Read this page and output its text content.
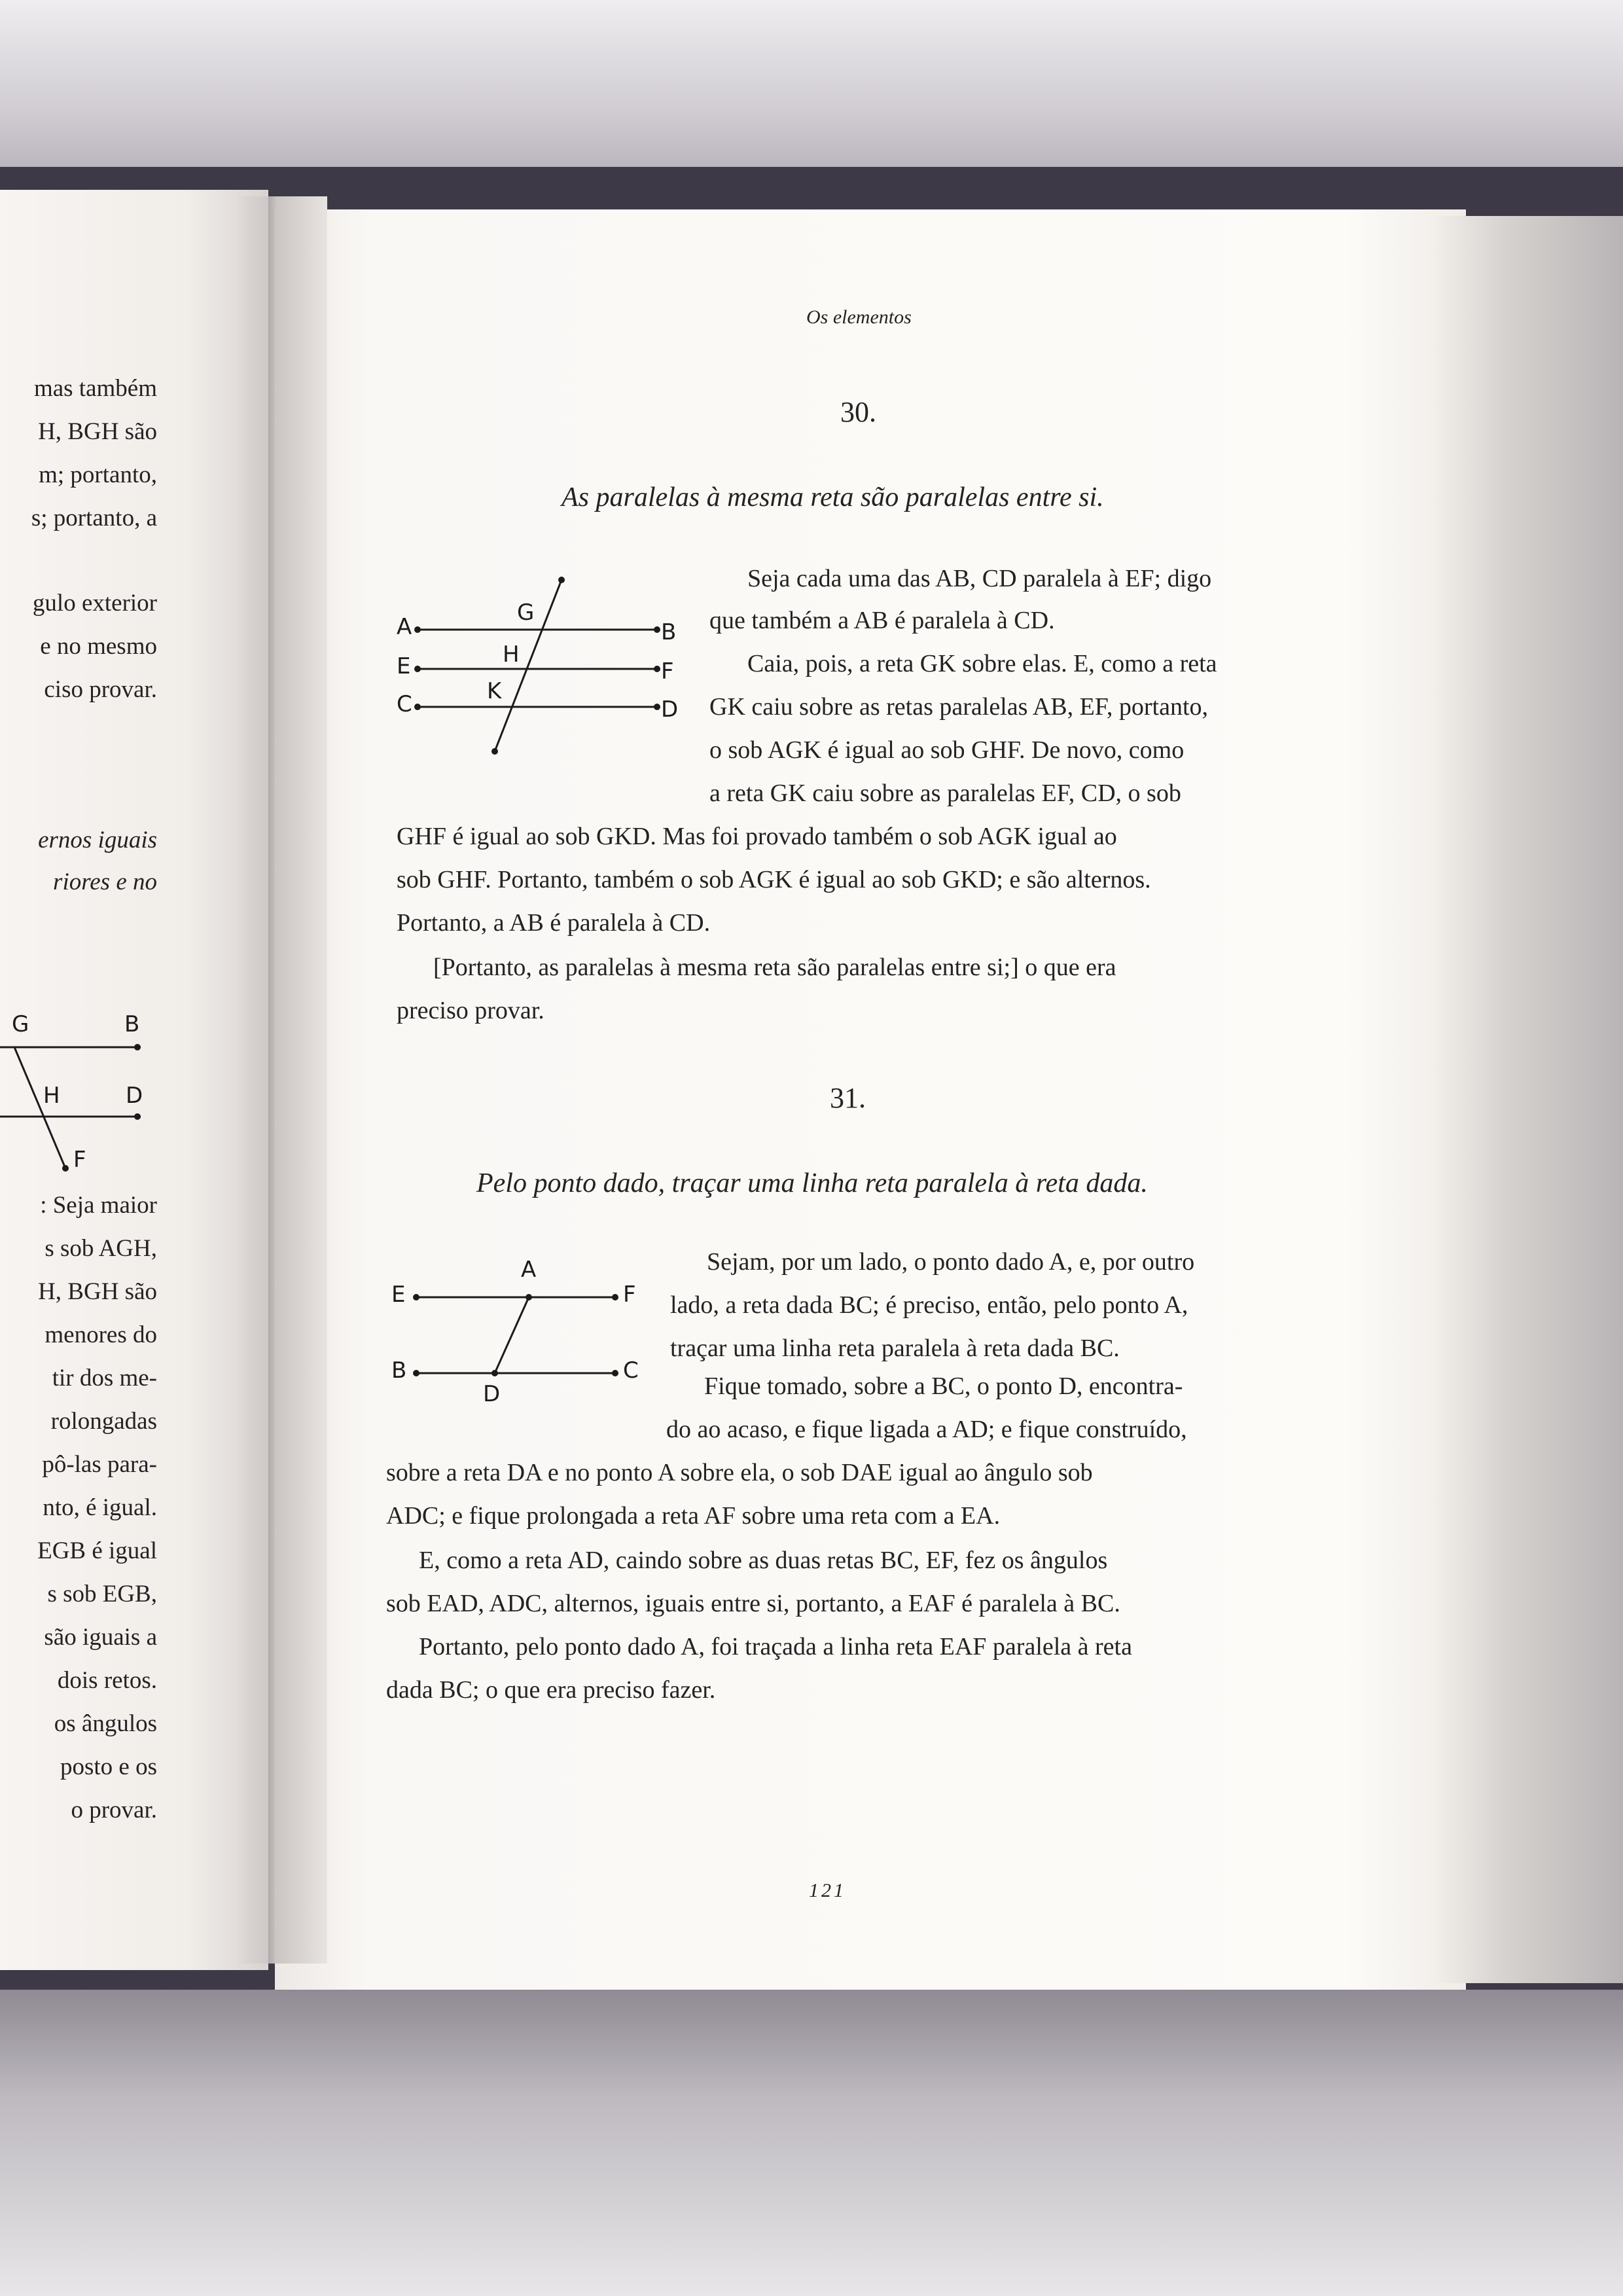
mas também
H, BGH são
m; portanto,
s; portanto, a
gulo exterior
e no mesmo
ciso provar.
ernos iguais
riores e no
: Seja maior
s sob AGH,
H, BGH são
menores do
tir dos me-
rolongadas
pô-las para-
nto, é igual.
EGB é igual
s sob EGB,
são iguais a
dois retos.
os ângulos
posto e os
o provar.
G	B
H	D
F
Os elementos
30.
As paralelas à mesma reta são paralelas entre si.
A	B
E	F
C	D
G
H
K
Seja cada uma das AB, CD paralela à EF; digo
que também a AB é paralela à CD.
Caia, pois, a reta GK sobre elas. E, como a reta
GK caiu sobre as retas paralelas AB, EF, portanto,
o sob AGK é igual ao sob GHF. De novo, como
a reta GK caiu sobre as paralelas EF, CD, o sob
GHF é igual ao sob GKD. Mas foi provado também o sob AGK igual ao
sob GHF. Portanto, também o sob AGK é igual ao sob GKD; e são alternos.
Portanto, a AB é paralela à CD.
[Portanto, as paralelas à mesma reta são paralelas entre si;] o que era
preciso provar.
31.
Pelo ponto dado, traçar uma linha reta paralela à reta dada.
E
A
F
B	C
D
Sejam, por um lado, o ponto dado A, e, por outro
lado, a reta dada BC; é preciso, então, pelo ponto A,
traçar uma linha reta paralela à reta dada BC.
Fique tomado, sobre a BC, o ponto D, encontra-
do ao acaso, e fique ligada a AD; e fique construído,
sobre a reta DA e no ponto A sobre ela, o sob DAE igual ao ângulo sob
ADC; e fique prolongada a reta AF sobre uma reta com a EA.
E, como a reta AD, caindo sobre as duas retas BC, EF, fez os ângulos
sob EAD, ADC, alternos, iguais entre si, portanto, a EAF é paralela à BC.
Portanto, pelo ponto dado A, foi traçada a linha reta EAF paralela à reta
dada BC; o que era preciso fazer.
121
